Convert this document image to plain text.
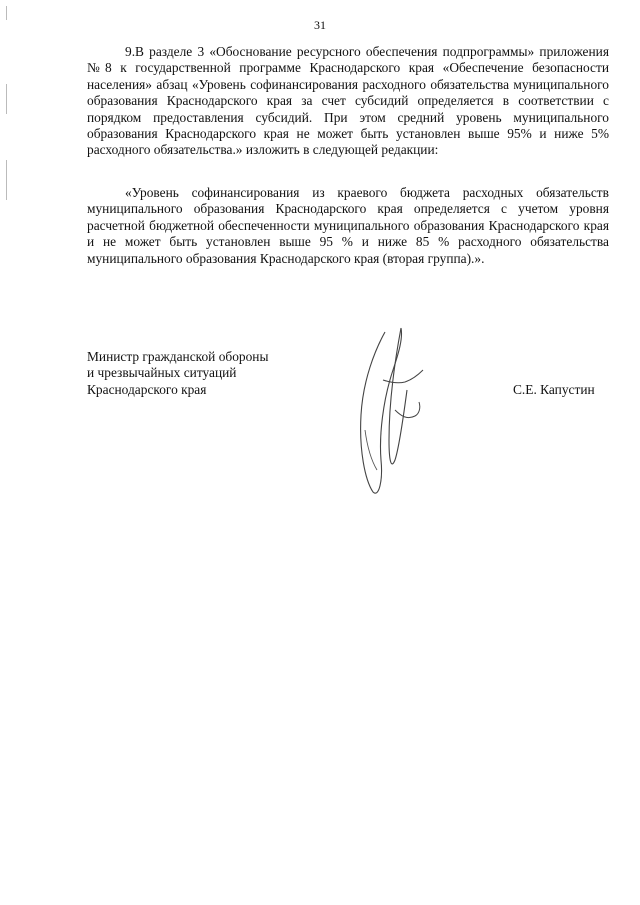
31

9.В разделе 3 «Обоснование ресурсного обеспечения подпрограммы» приложения №8 к государственной программе Краснодарского края «Обеспечение безопасности населения» абзац «Уровень софинансирования расходного обязательства муниципального образования Краснодарского края за счет субсидий определяется в соответствии с порядком предоставления субсидий. При этом средний уровень муниципального образования Краснодарского края не может быть установлен выше 95% и ниже 5% расходного обязательства.» изложить в следующей редакции:

«Уровень софинансирования из краевого бюджета расходных обязательств муниципального образования Краснодарского края определяется с учетом уровня расчетной бюджетной обеспеченности муниципального образования Краснодарского края и не может быть установлен выше 95 % и ниже 85 % расходного обязательства муниципального образования Краснодарского края (вторая группа).».

Министр гражданской обороны
и чрезвычайных ситуаций
Краснодарского края	С.Е. Капустин
